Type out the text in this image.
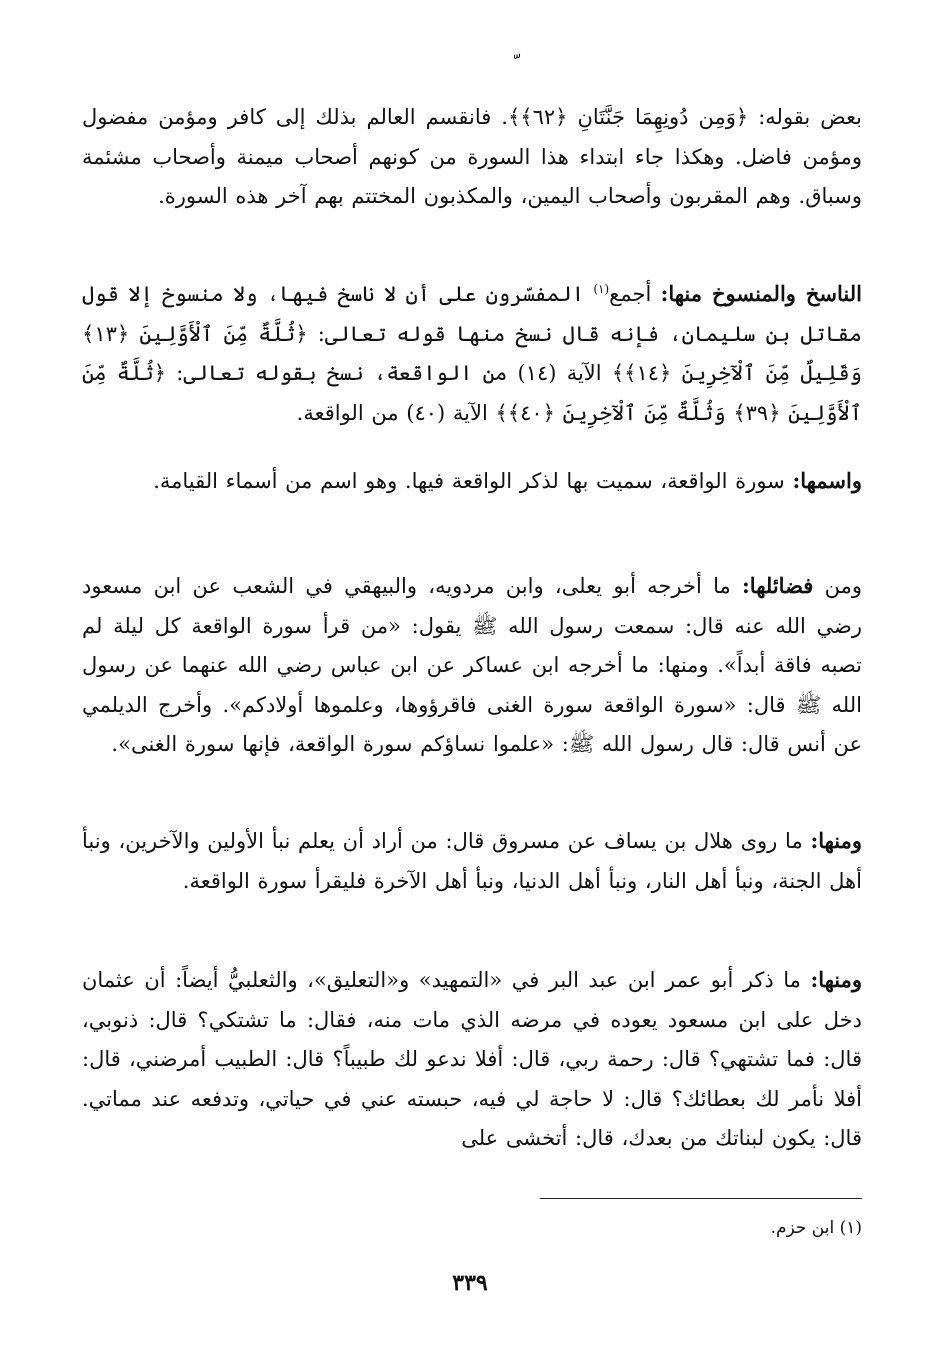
بعض بقوله: ﴿وَمِن دُونِهِمَا جَنَّتَانِ ﴿٦٢﴾﴾. فانقسم العالم بذلك إلى كافر ومؤمن مفضول ومؤمن فاضل. وهكذا جاء ابتداء هذا السورة من كونهم أصحاب ميمنة وأصحاب مشئمة وسباق. وهم المقربون وأصحاب اليمين، والمكذبون المختتم بهم آخر هذه السورة.

الناسخ والمنسوخ منها: أجمع$^{(١)}$ المفسّرون على أن لا ناسخ فيها، ولا منسوخ إلا قول مقاتل بن سليمان، فإنه قال نسخ منها قوله تعالى: ﴿ثُلَّةٌ مِّنَ ٱلْأَوَّلِينَ ﴿١٣﴾ وَقَلِيلٌ مِّنَ ٱلْآخِرِينَ ﴿١٤﴾﴾ الآية (١٤) من الواقعة، نسخ بقوله تعالى: ﴿ثُلَّةٌ مِّنَ ٱلْأَوَّلِينَ ﴿٣٩﴾ وَثُلَّةٌ مِّنَ ٱلْآخِرِينَ ﴿٤٠﴾﴾ الآية (٤٠) من الواقعة.

واسمها: سورة الواقعة، سميت بها لذكر الواقعة فيها. وهو اسم من أسماء القيامة.

ومن فضائلها: ما أخرجه أبو يعلى، وابن مردويه، والبيهقي في الشعب عن ابن مسعود رضي الله عنه قال: سمعت رسول الله ﷺ يقول: «من قرأ سورة الواقعة كل ليلة لم تصبه فاقة أبداً». ومنها: ما أخرجه ابن عساكر عن ابن عباس رضي الله عنهما عن رسول الله ﷺ قال: «سورة الواقعة سورة الغنى فاقرؤوها، وعلموها أولادكم». وأخرج الديلمي عن أنس قال: قال رسول الله ﷺ: «علموا نساؤكم سورة الواقعة، فإنها سورة الغنى».

ومنها: ما روى هلال بن يساف عن مسروق قال: من أراد أن يعلم نبأ الأولين والآخرين، ونبأ أهل الجنة، ونبأ أهل النار، ونبأ أهل الدنيا، ونبأ أهل الآخرة فليقرأ سورة الواقعة.

ومنها: ما ذكر أبو عمر ابن عبد البر في «التمهيد» و«التعليق»، والثعلبيُّ أيضاً: أن عثمان دخل على ابن مسعود يعوده في مرضه الذي مات منه، فقال: ما تشتكي؟ قال: ذنوبي، قال: فما تشتهي؟ قال: رحمة ربي، قال: أفلا ندعو لك طبيباً؟ قال: الطبيب أمرضني، قال: أفلا نأمر لك بعطائك؟ قال: لا حاجة لي فيه، حبسته عني في حياتي، وتدفعه عند مماتي. قال: يكون لبناتك من بعدك، قال: أتخشى على

(١) ابن حزم.
٣٣٩
